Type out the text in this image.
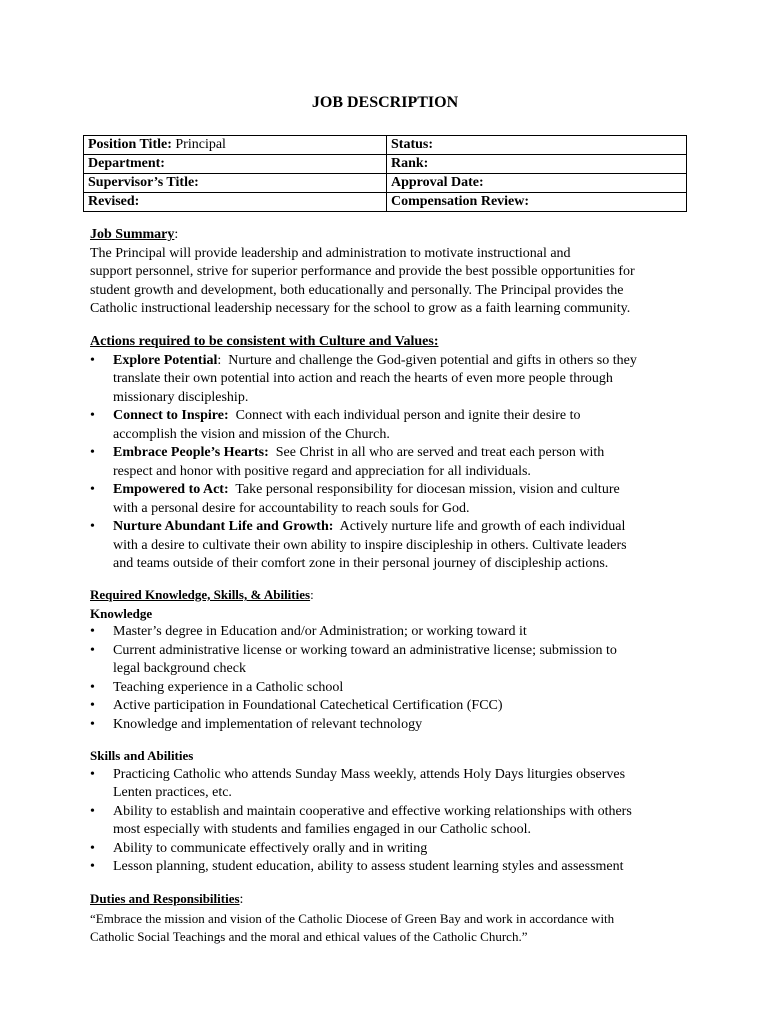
JOB DESCRIPTION
Position Title: Principal	Status:
Department:	Rank:
Supervisor’s Title:	Approval Date:
Revised:	Compensation Review:

Job Summary:

The Principal will provide leadership and administration to motivate instructional and

support personnel, strive for superior performance and provide the best possible opportunities for

student growth and development, both educationally and personally. The Principal provides the

Catholic instructional leadership necessary for the school to grow as a faith learning community.

Actions required to be consistent with Culture and Values:

• Explore Potential: Nurture and challenge the God-given potential and gifts in others so they
translate their own potential into action and reach the hearts of even more people through
missionary discipleship.
• Connect to Inspire: Connect with each individual person and ignite their desire to
accomplish the vision and mission of the Church.
• Embrace People’s Hearts: See Christ in all who are served and treat each person with
respect and honor with positive regard and appreciation for all individuals.
• Empowered to Act: Take personal responsibility for diocesan mission, vision and culture
with a personal desire for accountability to reach souls for God.
• Nurture Abundant Life and Growth: Actively nurture life and growth of each individual
with a desire to cultivate their own ability to inspire discipleship in others. Cultivate leaders
and teams outside of their comfort zone in their personal journey of discipleship actions.

Required Knowledge, Skills, & Abilities:

Knowledge

• Master’s degree in Education and/or Administration; or working toward it
• Current administrative license or working toward an administrative license; submission to
legal background check
• Teaching experience in a Catholic school
• Active participation in Foundational Catechetical Certification (FCC)
• Knowledge and implementation of relevant technology

Skills and Abilities

• Practicing Catholic who attends Sunday Mass weekly, attends Holy Days liturgies observes
Lenten practices, etc.
• Ability to establish and maintain cooperative and effective working relationships with others
most especially with students and families engaged in our Catholic school.
• Ability to communicate effectively orally and in writing
• Lesson planning, student education, ability to assess student learning styles and assessment

Duties and Responsibilities:

“Embrace the mission and vision of the Catholic Diocese of Green Bay and work in accordance with

Catholic Social Teachings and the moral and ethical values of the Catholic Church.”
